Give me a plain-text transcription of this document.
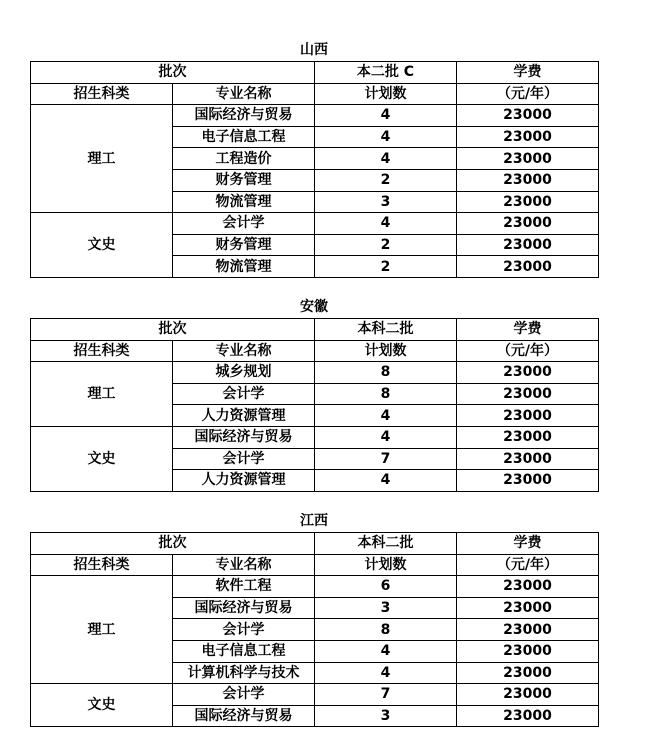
山西
批次		本二批 C	学费
招生科类	专业名称	计划数	（元/年）
理工	国际经济与贸易	4	23000
	电子信息工程	4	23000
	工程造价	4	23000
	财务管理	2	23000
	物流管理	3	23000
文史	会计学	4	23000
	财务管理	2	23000
	物流管理	2	23000
安徽
批次		本科二批	学费
招生科类	专业名称	计划数	（元/年）
理工	城乡规划	8	23000
	会计学	8	23000
	人力资源管理	4	23000
文史	国际经济与贸易	4	23000
	会计学	7	23000
	人力资源管理	4	23000
江西
批次		本科二批	学费
招生科类	专业名称	计划数	（元/年）
理工	软件工程	6	23000
	国际经济与贸易	3	23000
	会计学	8	23000
	电子信息工程	4	23000
	计算机科学与技术	4	23000
文史	会计学	7	23000
	国际经济与贸易	3	23000
